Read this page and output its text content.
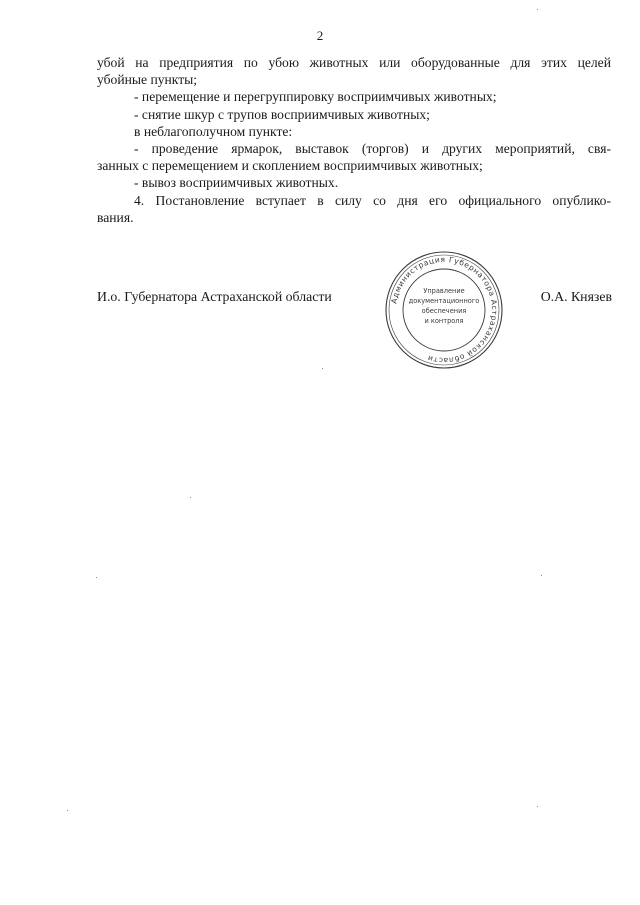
2
убой на предприятия по убою животных или оборудованные для этих целей
убойные пункты;
- перемещение и перегруппировку восприимчивых животных;
- снятие шкур с трупов восприимчивых животных;
в неблагополучном пункте:
- проведение ярмарок, выставок (торгов) и других мероприятий, свя-
занных с перемещением и скоплением восприимчивых животных;
- вывоз восприимчивых животных.
4. Постановление вступает в силу со дня его официального опублико-
вания.
И.о. Губернатора Астраханской области	О.А. Князев
Администрация Губернатора Астраханской области
Управление
документационного
обеспечения
и контроля
